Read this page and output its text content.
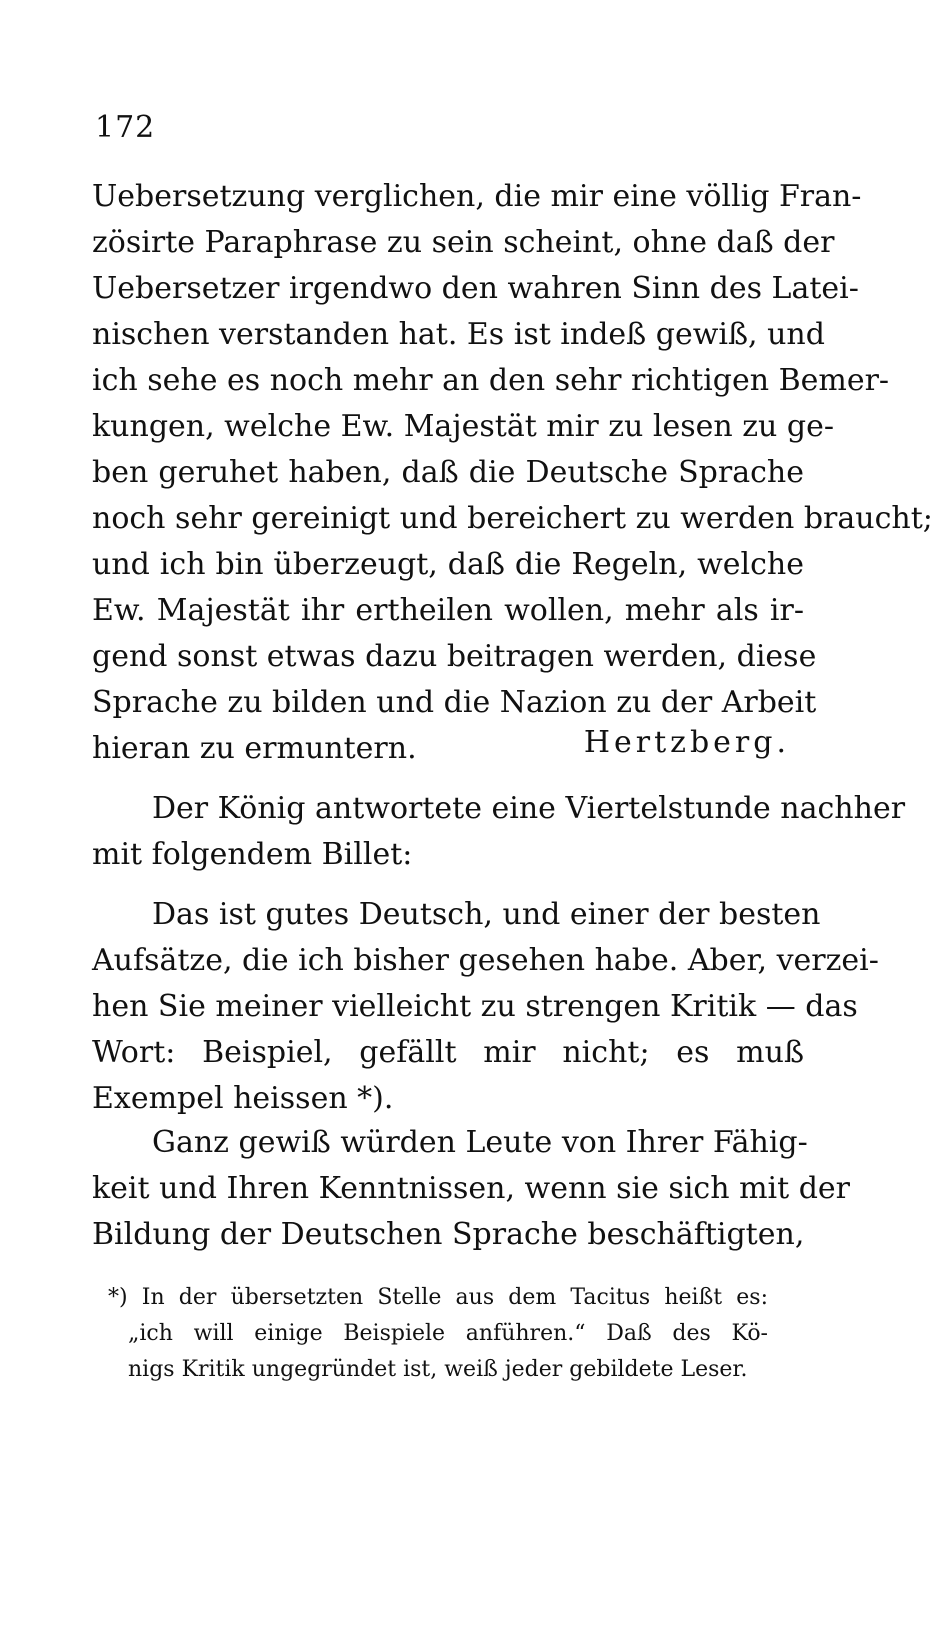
172
Uebersetzung verglichen, die mir eine völlig Fran-
zösirte Paraphrase zu sein scheint, ohne daß der
Uebersetzer irgendwo den wahren Sinn des Latei-
nischen verstanden hat. Es ist indeß gewiß, und
ich sehe es noch mehr an den sehr richtigen Bemer-
kungen, welche Ew. Majestät mir zu lesen zu ge-
ben geruhet haben, daß die Deutsche Sprache
noch sehr gereinigt und bereichert zu werden braucht;
und ich bin überzeugt, daß die Regeln, welche
Ew. Majestät ihr ertheilen wollen, mehr als ir-
gend sonst etwas dazu beitragen werden, diese
Sprache zu bilden und die Nazion zu der Arbeit
hieran zu ermuntern.	Hertzberg.
Der König antwortete eine Viertelstunde nachher
mit folgendem Billet:
Das ist gutes Deutsch, und einer der besten
Aufsätze, die ich bisher gesehen habe. Aber, verzei-
hen Sie meiner vielleicht zu strengen Kritik — das
Wort: Beispiel, gefällt mir nicht; es muß
Exempel heissen *).
Ganz gewiß würden Leute von Ihrer Fähig-
keit und Ihren Kenntnissen, wenn sie sich mit der
Bildung der Deutschen Sprache beschäftigten,
*) In der übersetzten Stelle aus dem Tacitus heißt es:
„ich will einige Beispiele anführen.“ Daß des Kö-
nigs Kritik ungegründet ist, weiß jeder gebildete Leser.
